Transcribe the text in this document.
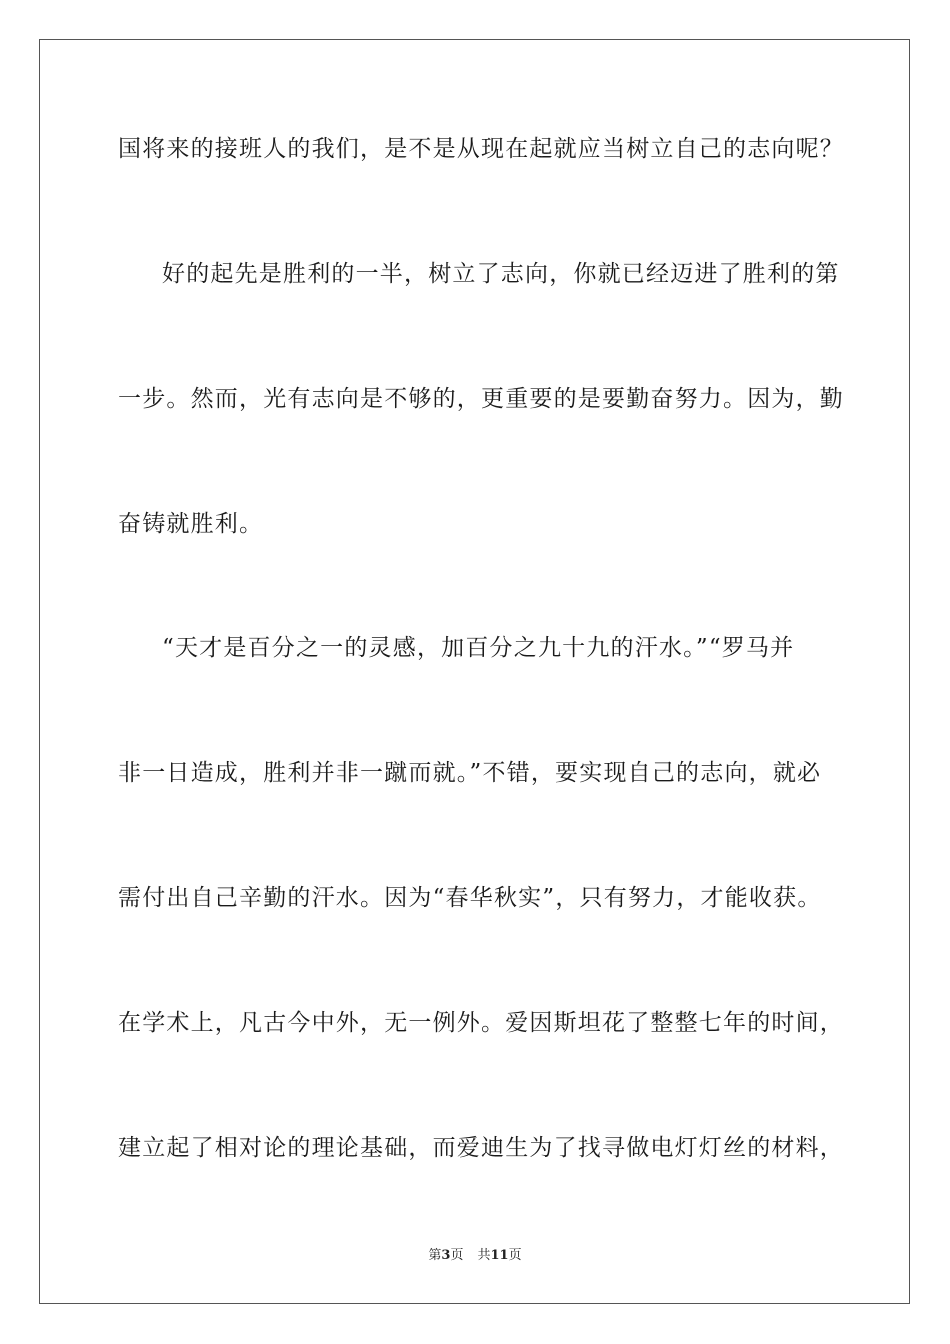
国将来的接班人的我们，是不是从现在起就应当树立自己的志向呢？
好的起先是胜利的一半，树立了志向，你就已经迈进了胜利的第
一步。然而，光有志向是不够的，更重要的是要勤奋努力。因为，勤
奋铸就胜利。
“天才是百分之一的灵感，加百分之九十九的汗水。”“罗马并
非一日造成，胜利并非一蹴而就。”不错，要实现自己的志向，就必
需付出自己辛勤的汗水。因为“春华秋实”，只有努力，才能收获。
在学术上，凡古今中外，无一例外。爱因斯坦花了整整七年的时间，
建立起了相对论的理论基础，而爱迪生为了找寻做电灯灯丝的材料，
第3页 共11页
